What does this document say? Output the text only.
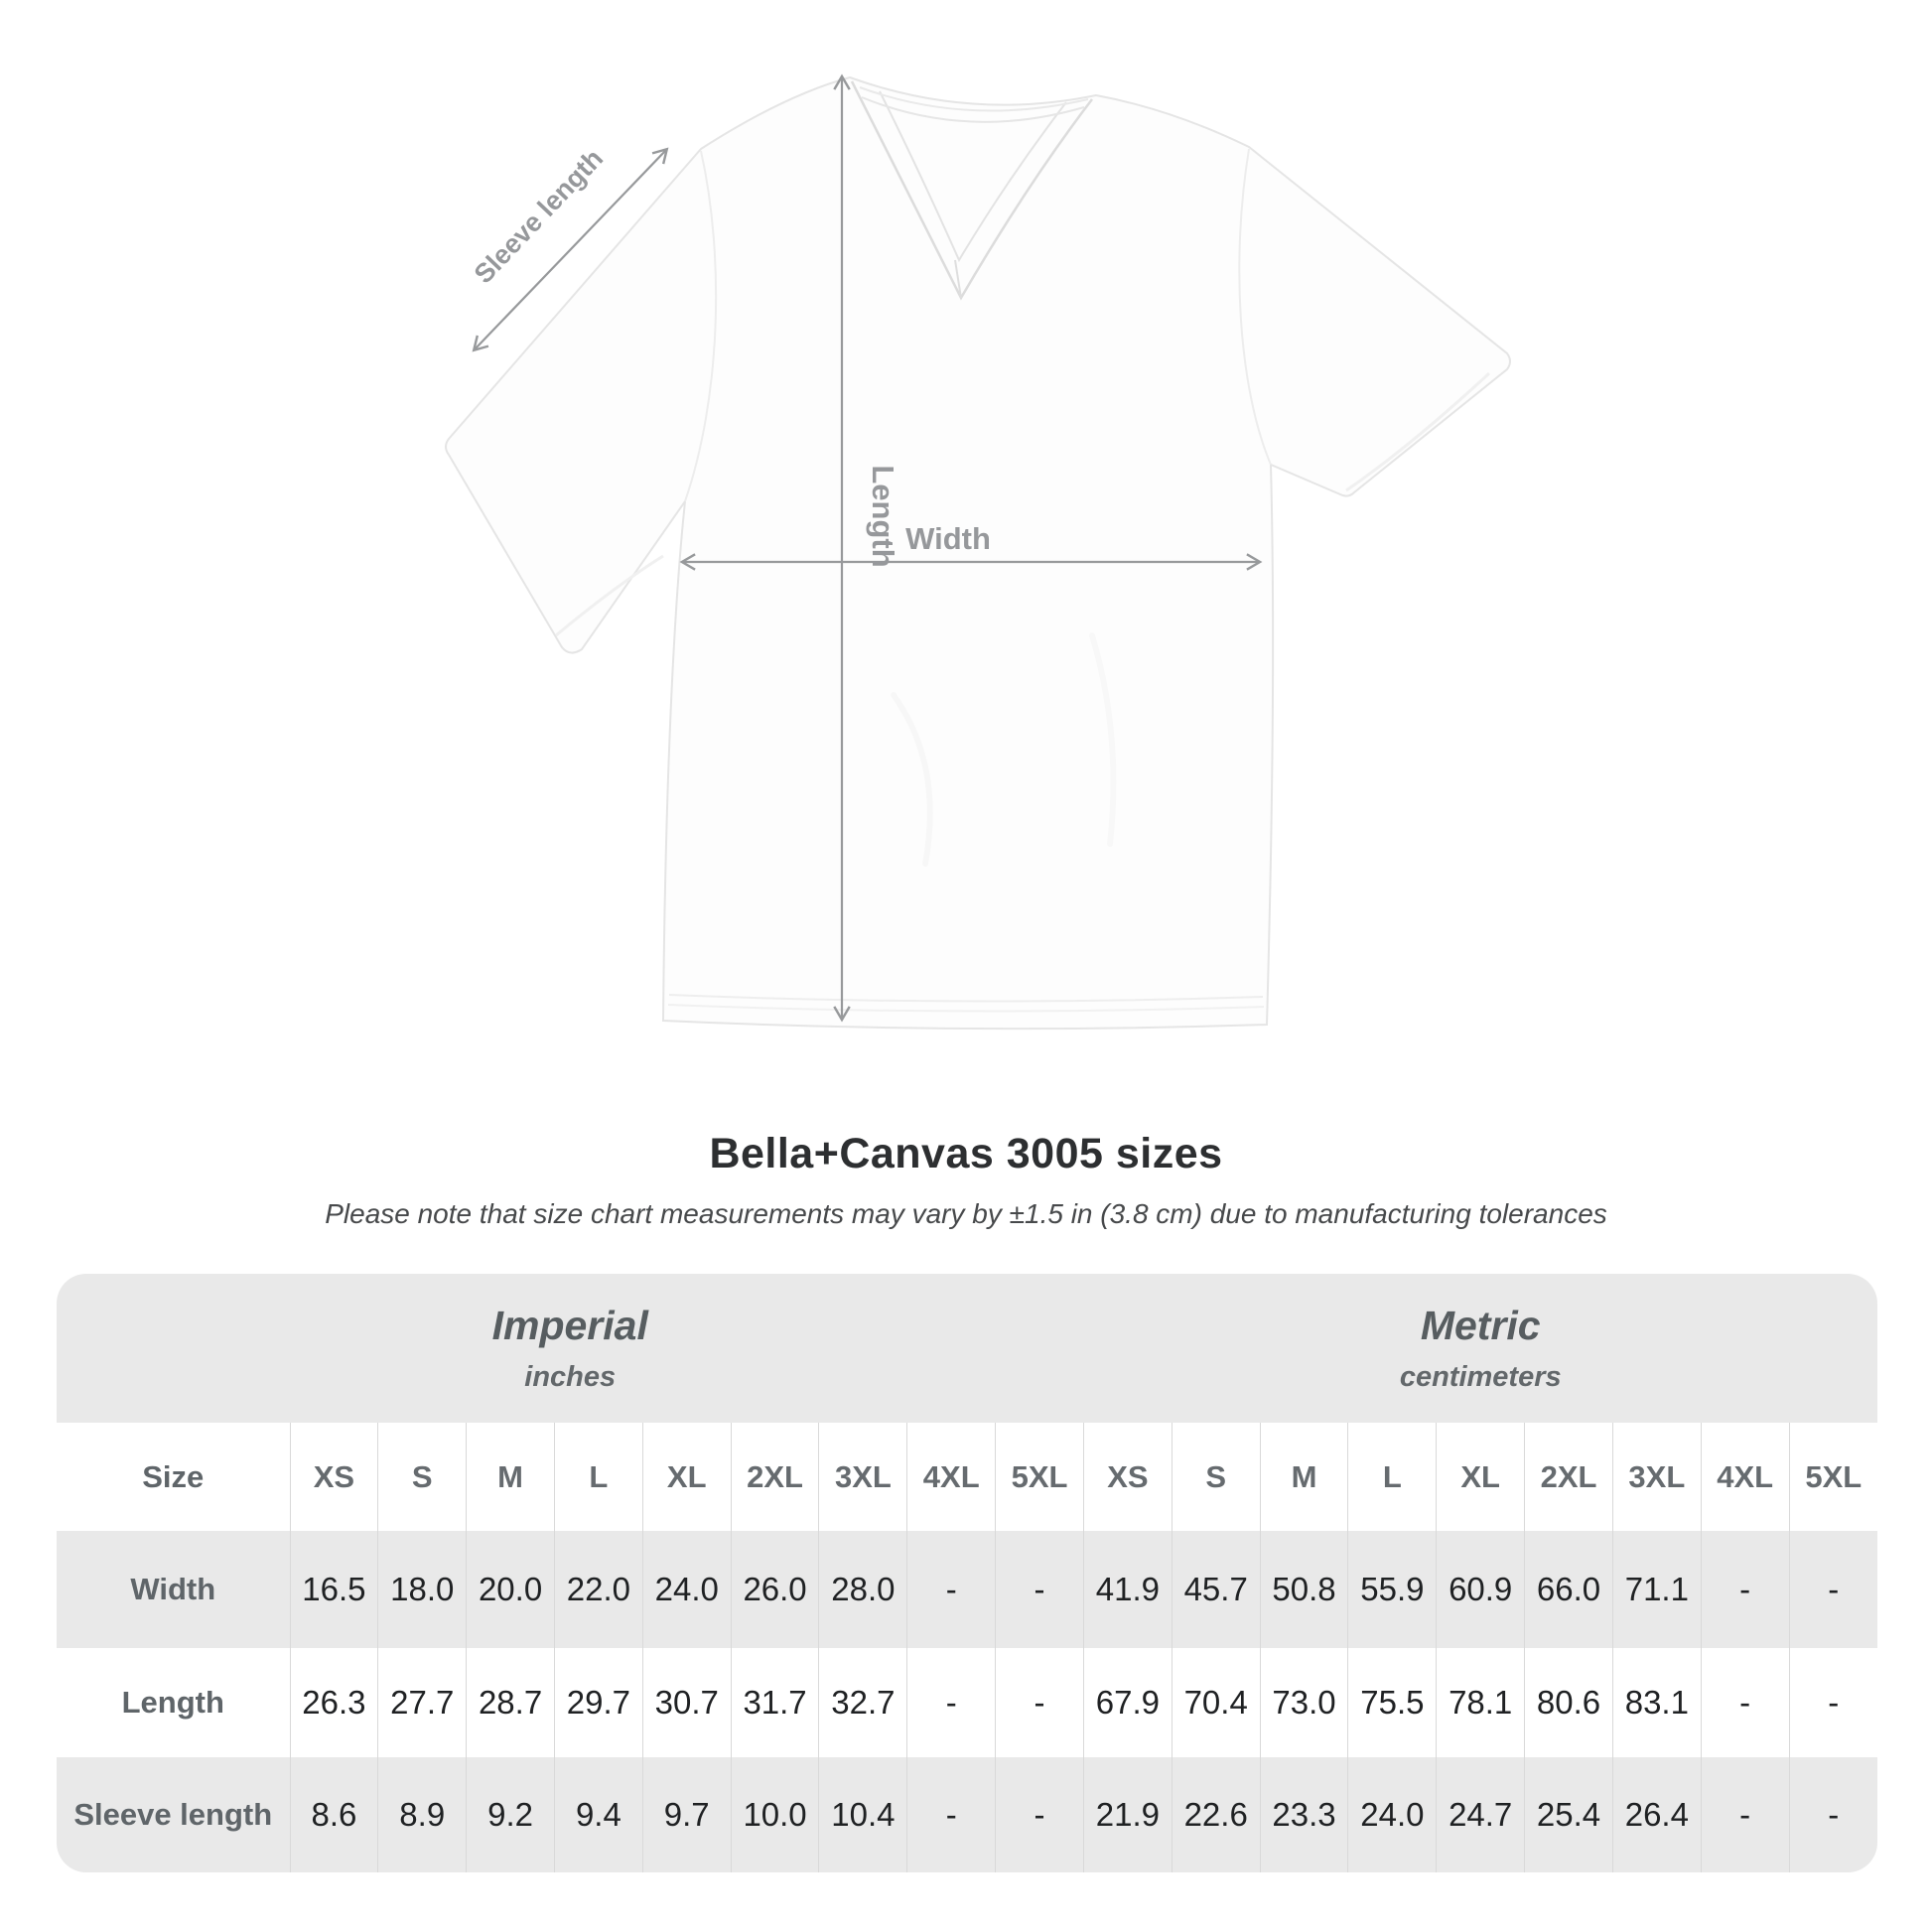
Length Width
Sleeve length
Bella+Canvas 3005 sizes

Please note that size chart measurements may vary by ±1.5 in (3.8 cm) due to manufacturing tolerances

Imperial
inches

Metric
centimeters

Size	XS	S	M	L	XL	2XL	3XL	4XL	5XL	XS	S	M	L	XL	2XL	3XL	4XL	5XL
Width	16.5	18.0	20.0	22.0	24.0	26.0	28.0	-	-	41.9	45.7	50.8	55.9	60.9	66.0	71.1	-	-
Length	26.3	27.7	28.7	29.7	30.7	31.7	32.7	-	-	67.9	70.4	73.0	75.5	78.1	80.6	83.1	-	-
Sleeve length	8.6	8.9	9.2	9.4	9.7	10.0	10.4	-	-	21.9	22.6	23.3	24.0	24.7	25.4	26.4	-	-
